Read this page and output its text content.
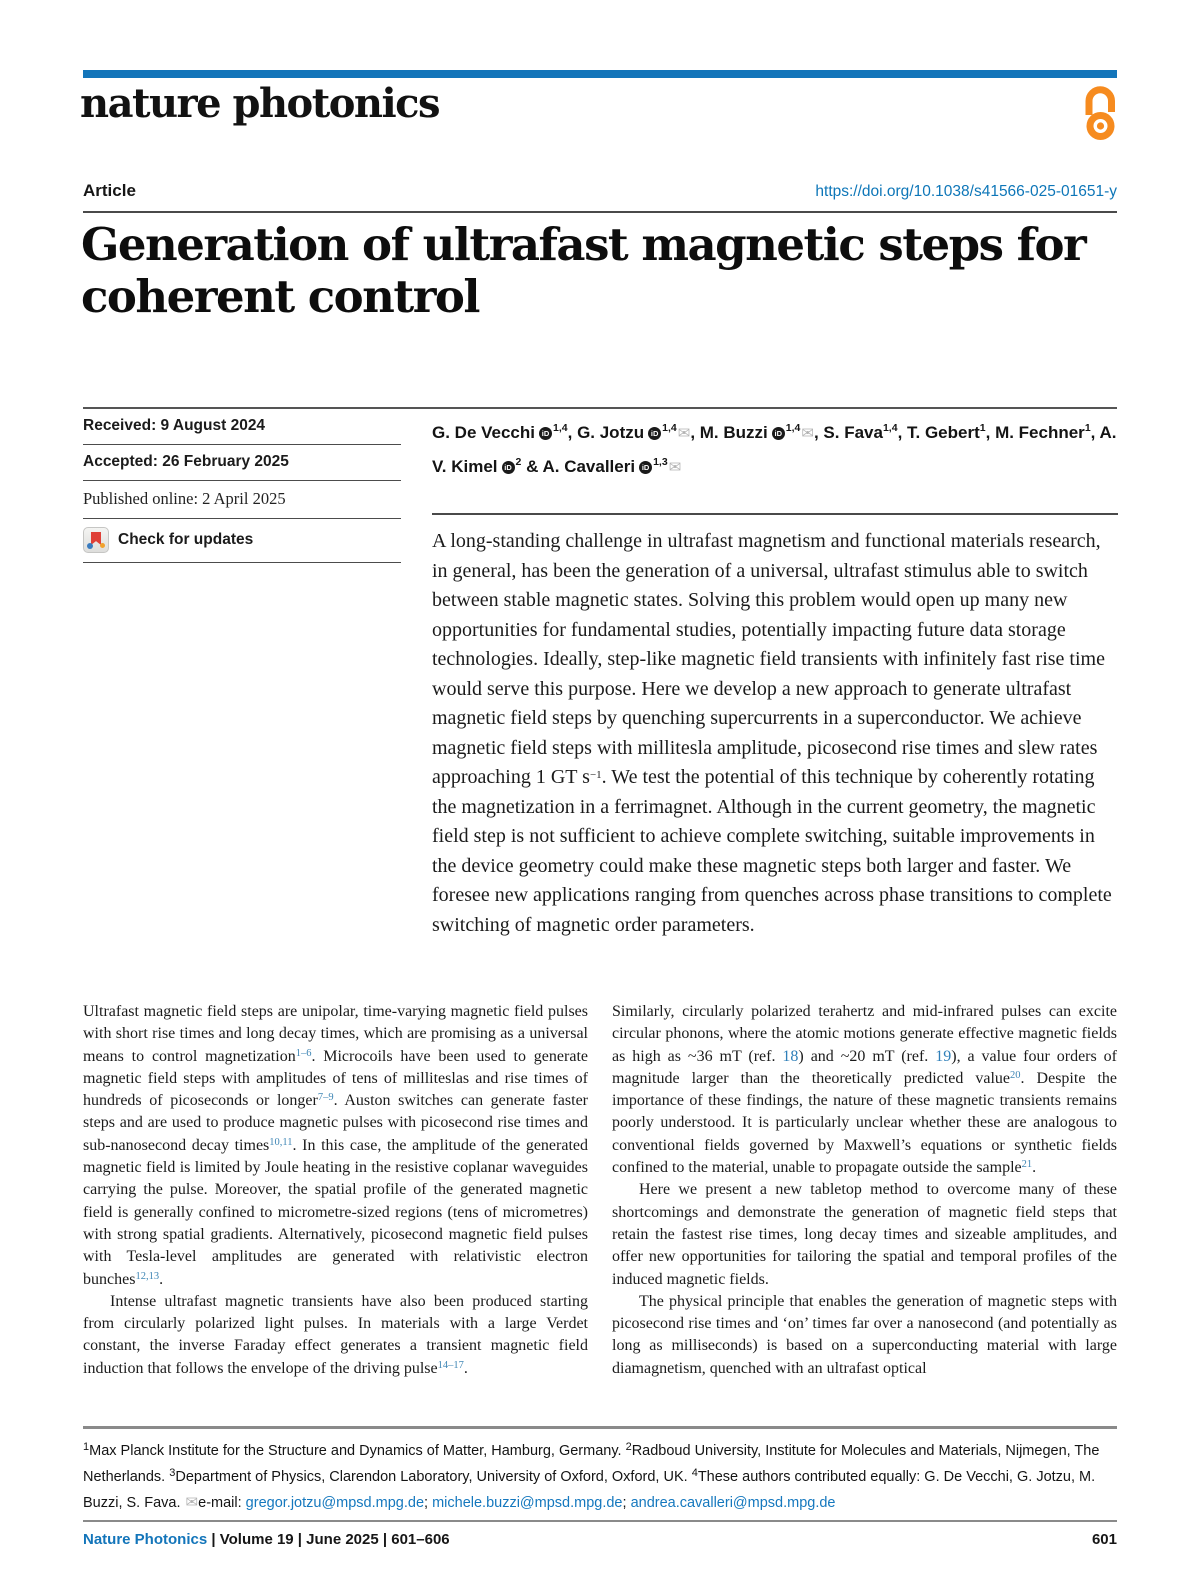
nature photonics
Article	https://doi.org/10.1038/s41566-025-01651-y
Generation of ultrafast magnetic steps for coherent control
Received: 9 August 2024
Accepted: 26 February 2025
Published online: 2 April 2025
Check for updates
G. De Vecchi iD $^{1,4}$, G. Jotzu iD $^{1,4}$✉, M. Buzzi iD $^{1,4}$✉, S. Fava$^{1,4}$, T. Gebert$^1$, M. Fechner$^1$, A. V. Kimel iD $^2$ & A. Cavalleri iD $^{1,3}$✉
A long-standing challenge in ultrafast magnetism and functional materials research, in general, has been the generation of a universal, ultrafast stimulus able to switch between stable magnetic states. Solving this problem would open up many new opportunities for fundamental studies, potentially impacting future data storage technologies. Ideally, step-like magnetic field transients with infinitely fast rise time would serve this purpose. Here we develop a new approach to generate ultrafast magnetic field steps by quenching supercurrents in a superconductor. We achieve magnetic field steps with millitesla amplitude, picosecond rise times and slew rates approaching 1 GT $s^{-1}$. We test the potential of this technique by coherently rotating the magnetization in a ferrimagnet. Although in the current geometry, the magnetic field step is not sufficient to achieve complete switching, suitable improvements in the device geometry could make these magnetic steps both larger and faster. We foresee new applications ranging from quenches across phase transitions to complete switching of magnetic order parameters.

Ultrafast magnetic field steps are unipolar, time-varying magnetic field pulses with short rise times and long decay times, which are promising as a universal means to control magnetization$^{1-6}$. Microcoils have been used to generate magnetic field steps with amplitudes of tens of milliteslas and rise times of hundreds of picoseconds or longer$^{7-9}$. Auston switches can generate faster steps and are used to produce magnetic pulses with picosecond rise times and sub-nanosecond decay times$^{10,11}$. In this case, the amplitude of the generated magnetic field is limited by Joule heating in the resistive coplanar waveguides carrying the pulse. Moreover, the spatial profile of the generated magnetic field is generally confined to micrometre-sized regions (tens of micrometres) with strong spatial gradients. Alternatively, picosecond magnetic field pulses with Tesla-level amplitudes are generated with relativistic electron bunches$^{12,13}$.

Intense ultrafast magnetic transients have also been produced starting from circularly polarized light pulses. In materials with a large Verdet constant, the inverse Faraday effect generates a transient magnetic field induction that follows the envelope of the driving pulse$^{14-17}$.

Similarly, circularly polarized terahertz and mid-infrared pulses can excite circular phonons, where the atomic motions generate effective magnetic fields as high as ~36 mT (ref. 18) and ~20 mT (ref. 19), a value four orders of magnitude larger than the theoretically predicted value$^{20}$. Despite the importance of these findings, the nature of these magnetic transients remains poorly understood. It is particularly unclear whether these are analogous to conventional fields governed by Maxwell’s equations or synthetic fields confined to the material, unable to propagate outside the sample$^{21}$.

Here we present a new tabletop method to overcome many of these shortcomings and demonstrate the generation of magnetic field steps that retain the fastest rise times, long decay times and sizeable amplitudes, and offer new opportunities for tailoring the spatial and temporal profiles of the induced magnetic fields.

The physical principle that enables the generation of magnetic steps with picosecond rise times and ‘on’ times far over a nanosecond (and potentially as long as milliseconds) is based on a superconducting material with large diamagnetism, quenched with an ultrafast optical

$^1$Max Planck Institute for the Structure and Dynamics of Matter, Hamburg, Germany. $^2$Radboud University, Institute for Molecules and Materials, Nijmegen, The Netherlands. $^3$Department of Physics, Clarendon Laboratory, University of Oxford, Oxford, UK. $^4$These authors contributed equally: G. De Vecchi, G. Jotzu, M. Buzzi, S. Fava. ✉e-mail: gregor.jotzu@mpsd.mpg.de; michele.buzzi@mpsd.mpg.de; andrea.cavalleri@mpsd.mpg.de
Nature Photonics | Volume 19 | June 2025 | 601–606	601
